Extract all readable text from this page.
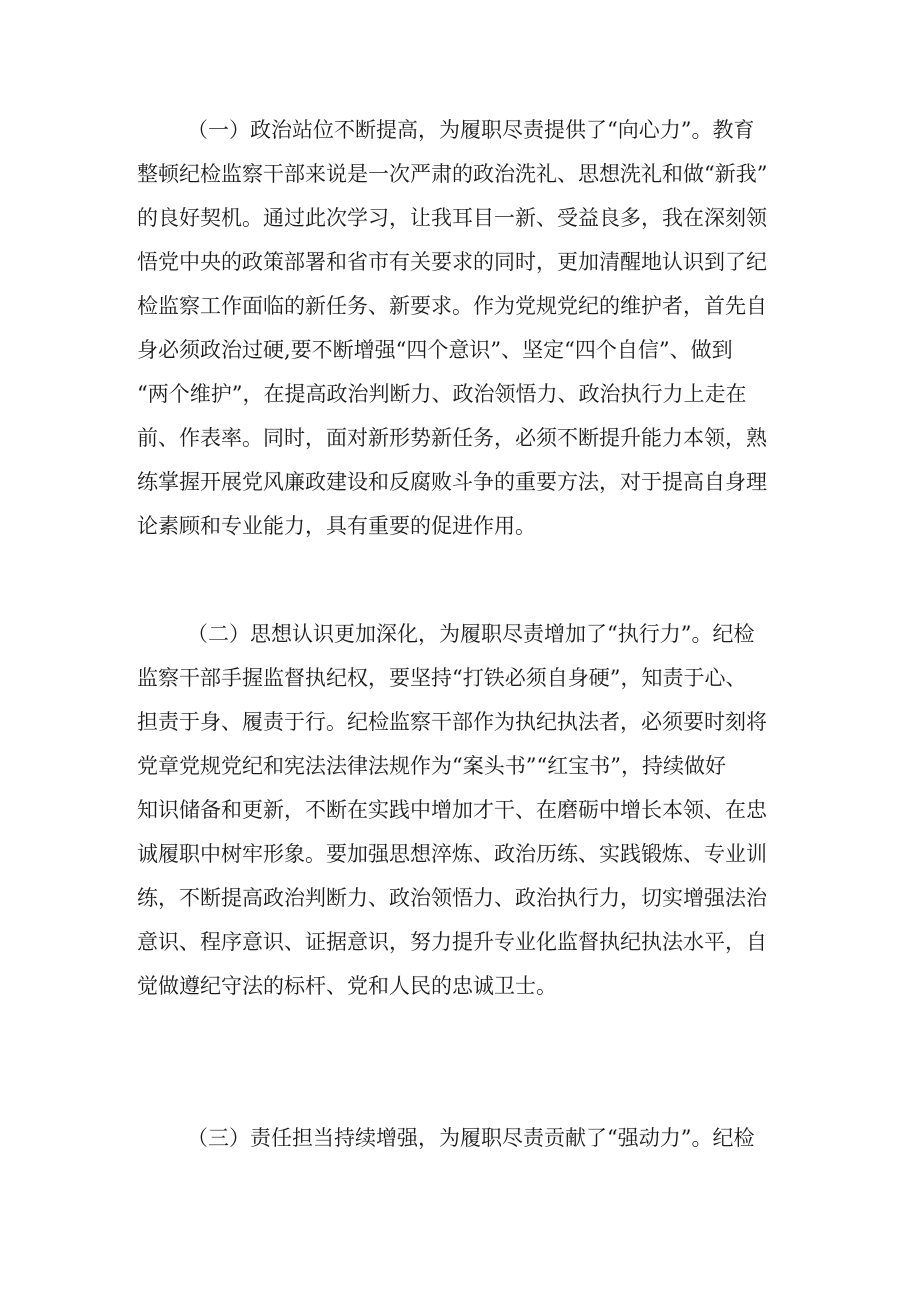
（一）政治站位不断提高，为履职尽责提供了“向心力”。教育
整顿纪检监察干部来说是一次严肃的政治洗礼、思想洗礼和做“新我”
的良好契机。通过此次学习，让我耳目一新、受益良多，我在深刻领
悟党中央的政策部署和省市有关要求的同时，更加清醒地认识到了纪
检监察工作面临的新任务、新要求。作为党规党纪的维护者，首先自
身必须政治过硬,要不断增强“四个意识”、坚定“四个自信”、做到
“两个维护”，在提高政治判断力、政治领悟力、政治执行力上走在
前、作表率。同时，面对新形势新任务，必须不断提升能力本领，熟
练掌握开展党风廉政建设和反腐败斗争的重要方法，对于提高自身理
论素顾和专业能力，具有重要的促进作用。
（二）思想认识更加深化，为履职尽责增加了“执行力”。纪检
监察干部手握监督执纪权，要坚持“打铁必须自身硬”，知责于心、
担责于身、履责于行。纪检监察干部作为执纪执法者，必须要时刻将
党章党规党纪和宪法法律法规作为“案头书”“红宝书”，持续做好
知识储备和更新，不断在实践中增加才干、在磨砺中增长本领、在忠
诚履职中树牢形象。要加强思想淬炼、政治历练、实践锻炼、专业训
练，不断提高政治判断力、政治领悟力、政治执行力，切实增强法治
意识、程序意识、证据意识，努力提升专业化监督执纪执法水平，自
觉做遵纪守法的标杆、党和人民的忠诚卫士。
（三）责任担当持续增强，为履职尽责贡献了“强动力”。纪检
